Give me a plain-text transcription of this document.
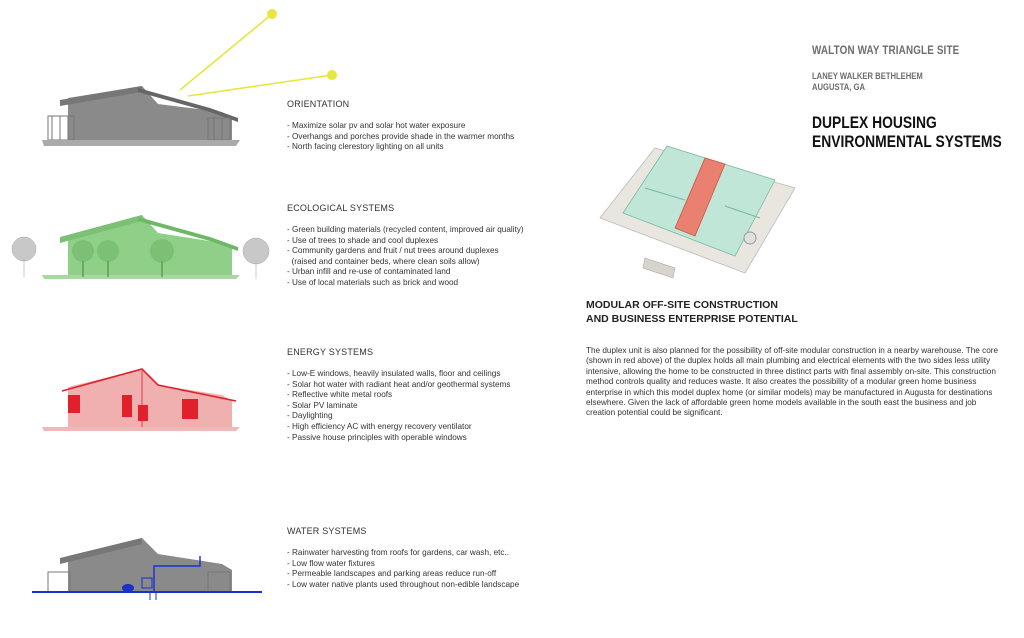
ORIENTATION
- Maximize solar pv and solar hot water exposure
- Overhangs and porches provide shade in the warmer months
- North facing clerestory lighting on all units
ECOLOGICAL SYSTEMS
- Green building materials (recycled content, improved air quality)
- Use of trees to shade and cool duplexes
- Community gardens and fruit / nut trees around duplexes
(raised and container beds, where clean soils allow)
- Urban infill and re-use of contaminated land
- Use of local materials such as brick and wood
ENERGY SYSTEMS
- Low-E windows, heavily insulated walls, floor and ceilings
- Solar hot water with radiant heat and/or geothermal systems
- Reflective white metal roofs
- Solar PV laminate
- Daylighting
- High efficiency AC with energy recovery ventilator
- Passive house principles with operable windows
WATER SYSTEMS
- Rainwater harvesting from roofs for gardens, car wash, etc..
- Low flow water fixtures
- Permeable landscapes and parking areas reduce run-off
- Low water native plants used throughout non-edible landscape
WALTON WAY TRIANGLE SITE
LANEY WALKER BETHLEHEM
AUGUSTA, GA
DUPLEX HOUSING
ENVIRONMENTAL SYSTEMS
MODULAR OFF-SITE CONSTRUCTION
AND BUSINESS ENTERPRISE POTENTIAL
The duplex unit is also planned for the possibility of off-site modular construction in a nearby warehouse. The core (shown in red above) of the duplex holds all main plumbing and electrical elements with the two sides less utility intensive, allowing the home to be constructed in three distinct parts with final assembly on-site. This construction method controls quality and reduces waste. It also creates the possibility of a modular green home business enterprise in which this model duplex home (or similar models) may be manufactured in Augusta for destinations elsewhere. Given the lack of affordable green home models available in the south east the business and job creation potential could be significant.
